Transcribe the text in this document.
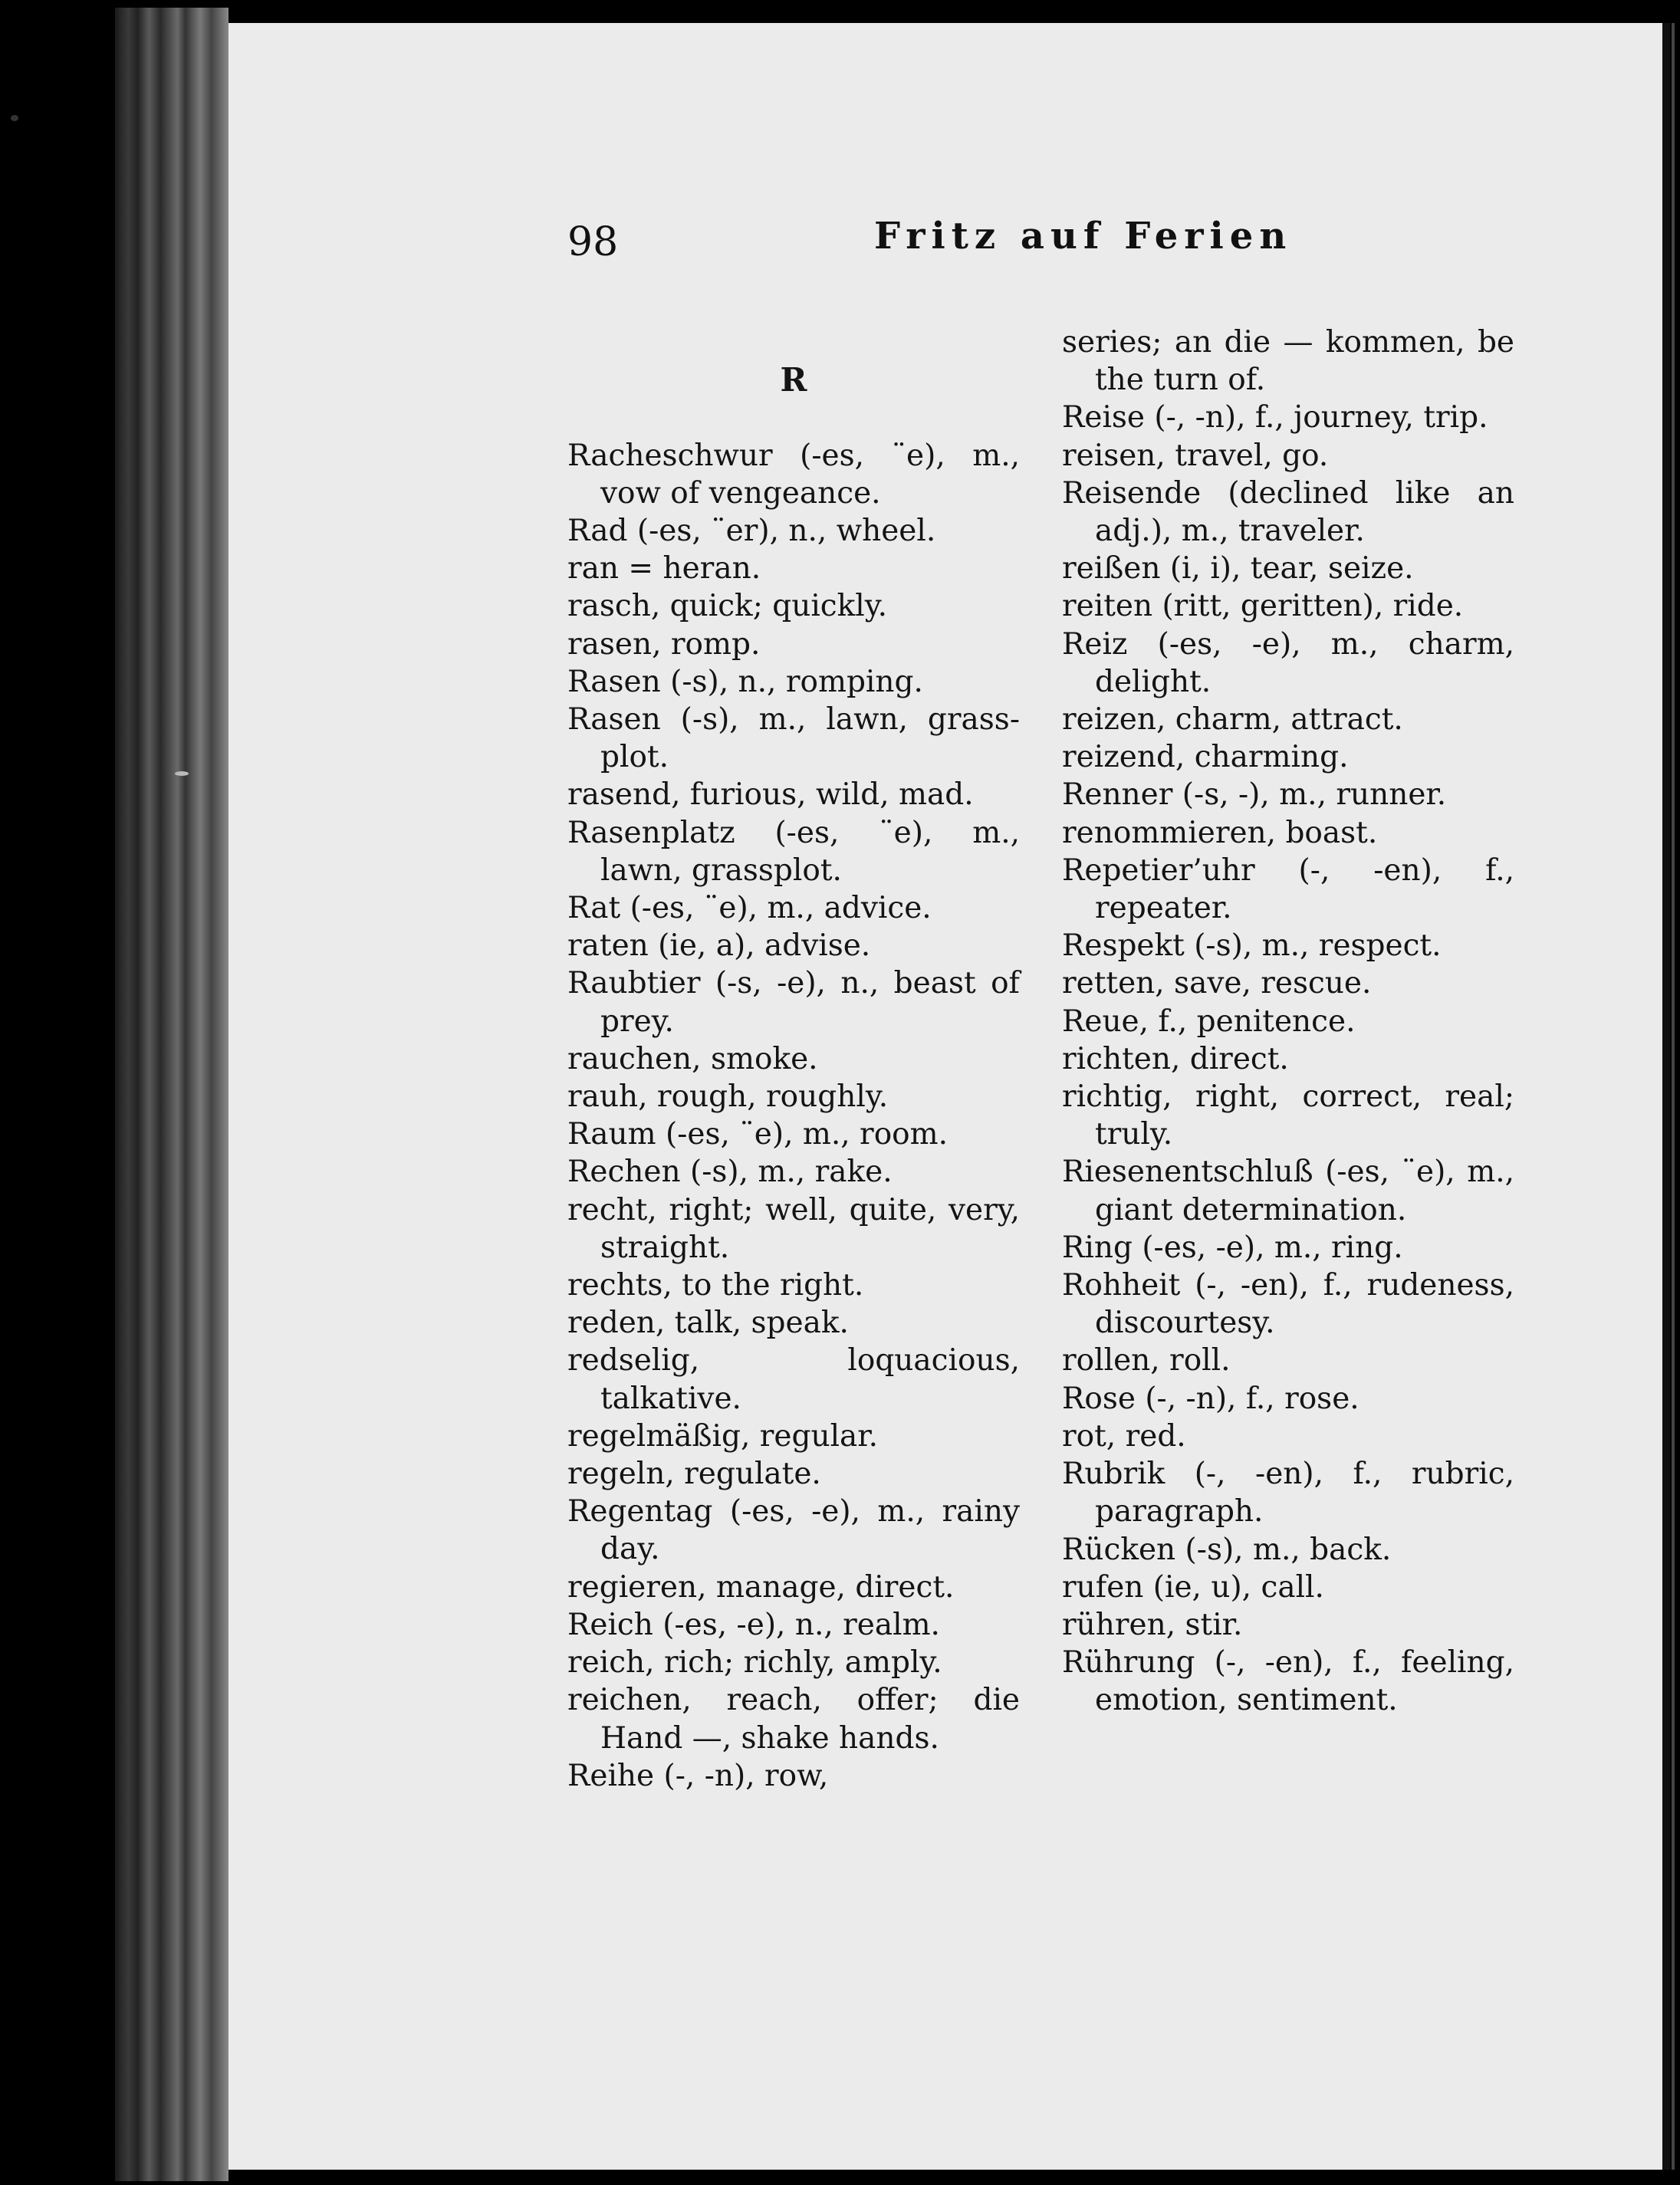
98	Fritz auf Ferien
R
Racheschwur (-es, ¨e), m., vow of vengeance.
Rad (-es, ¨er), n., wheel.
ran = heran.
rasch, quick; quickly.
rasen, romp.
Rasen (-s), n., romping.
Rasen (-s), m., lawn, grass-plot.
rasend, furious, wild, mad.
Rasenplatz (-es, ¨e), m., lawn, grassplot.
Rat (-es, ¨e), m., advice.
raten (ie, a), advise.
Raubtier (-s, -e), n., beast of prey.
rauchen, smoke.
rauh, rough, roughly.
Raum (-es, ¨e), m., room.
Rechen (-s), m., rake.
recht, right; well, quite, very, straight.
rechts, to the right.
reden, talk, speak.
redselig, loquacious, talkative.
regelmäßig, regular.
regeln, regulate.
Regentag (-es, -e), m., rainy day.
regieren, manage, direct.
Reich (-es, -e), n., realm.
reich, rich; richly, amply.
reichen, reach, offer; die Hand —, shake hands.
Reihe (-, -n), row,
series; an die — kommen, be the turn of.
Reise (-, -n), f., journey, trip.
reisen, travel, go.
Reisende (declined like an adj.), m., traveler.
reißen (i, i), tear, seize.
reiten (ritt, geritten), ride.
Reiz (-es, -e), m., charm, delight.
reizen, charm, attract.
reizend, charming.
Renner (-s, -), m., runner.
renommieren, boast.
Repetier’uhr (-, -en), f., repeater.
Respekt (-s), m., respect.
retten, save, rescue.
Reue, f., penitence.
richten, direct.
richtig, right, correct, real; truly.
Riesenentschluß (-es, ¨e), m., giant determination.
Ring (-es, -e), m., ring.
Rohheit (-, -en), f., rudeness, discourtesy.
rollen, roll.
Rose (-, -n), f., rose.
rot, red.
Rubrik (-, -en), f., rubric, paragraph.
Rücken (-s), m., back.
rufen (ie, u), call.
rühren, stir.
Rührung (-, -en), f., feeling, emotion, sentiment.
